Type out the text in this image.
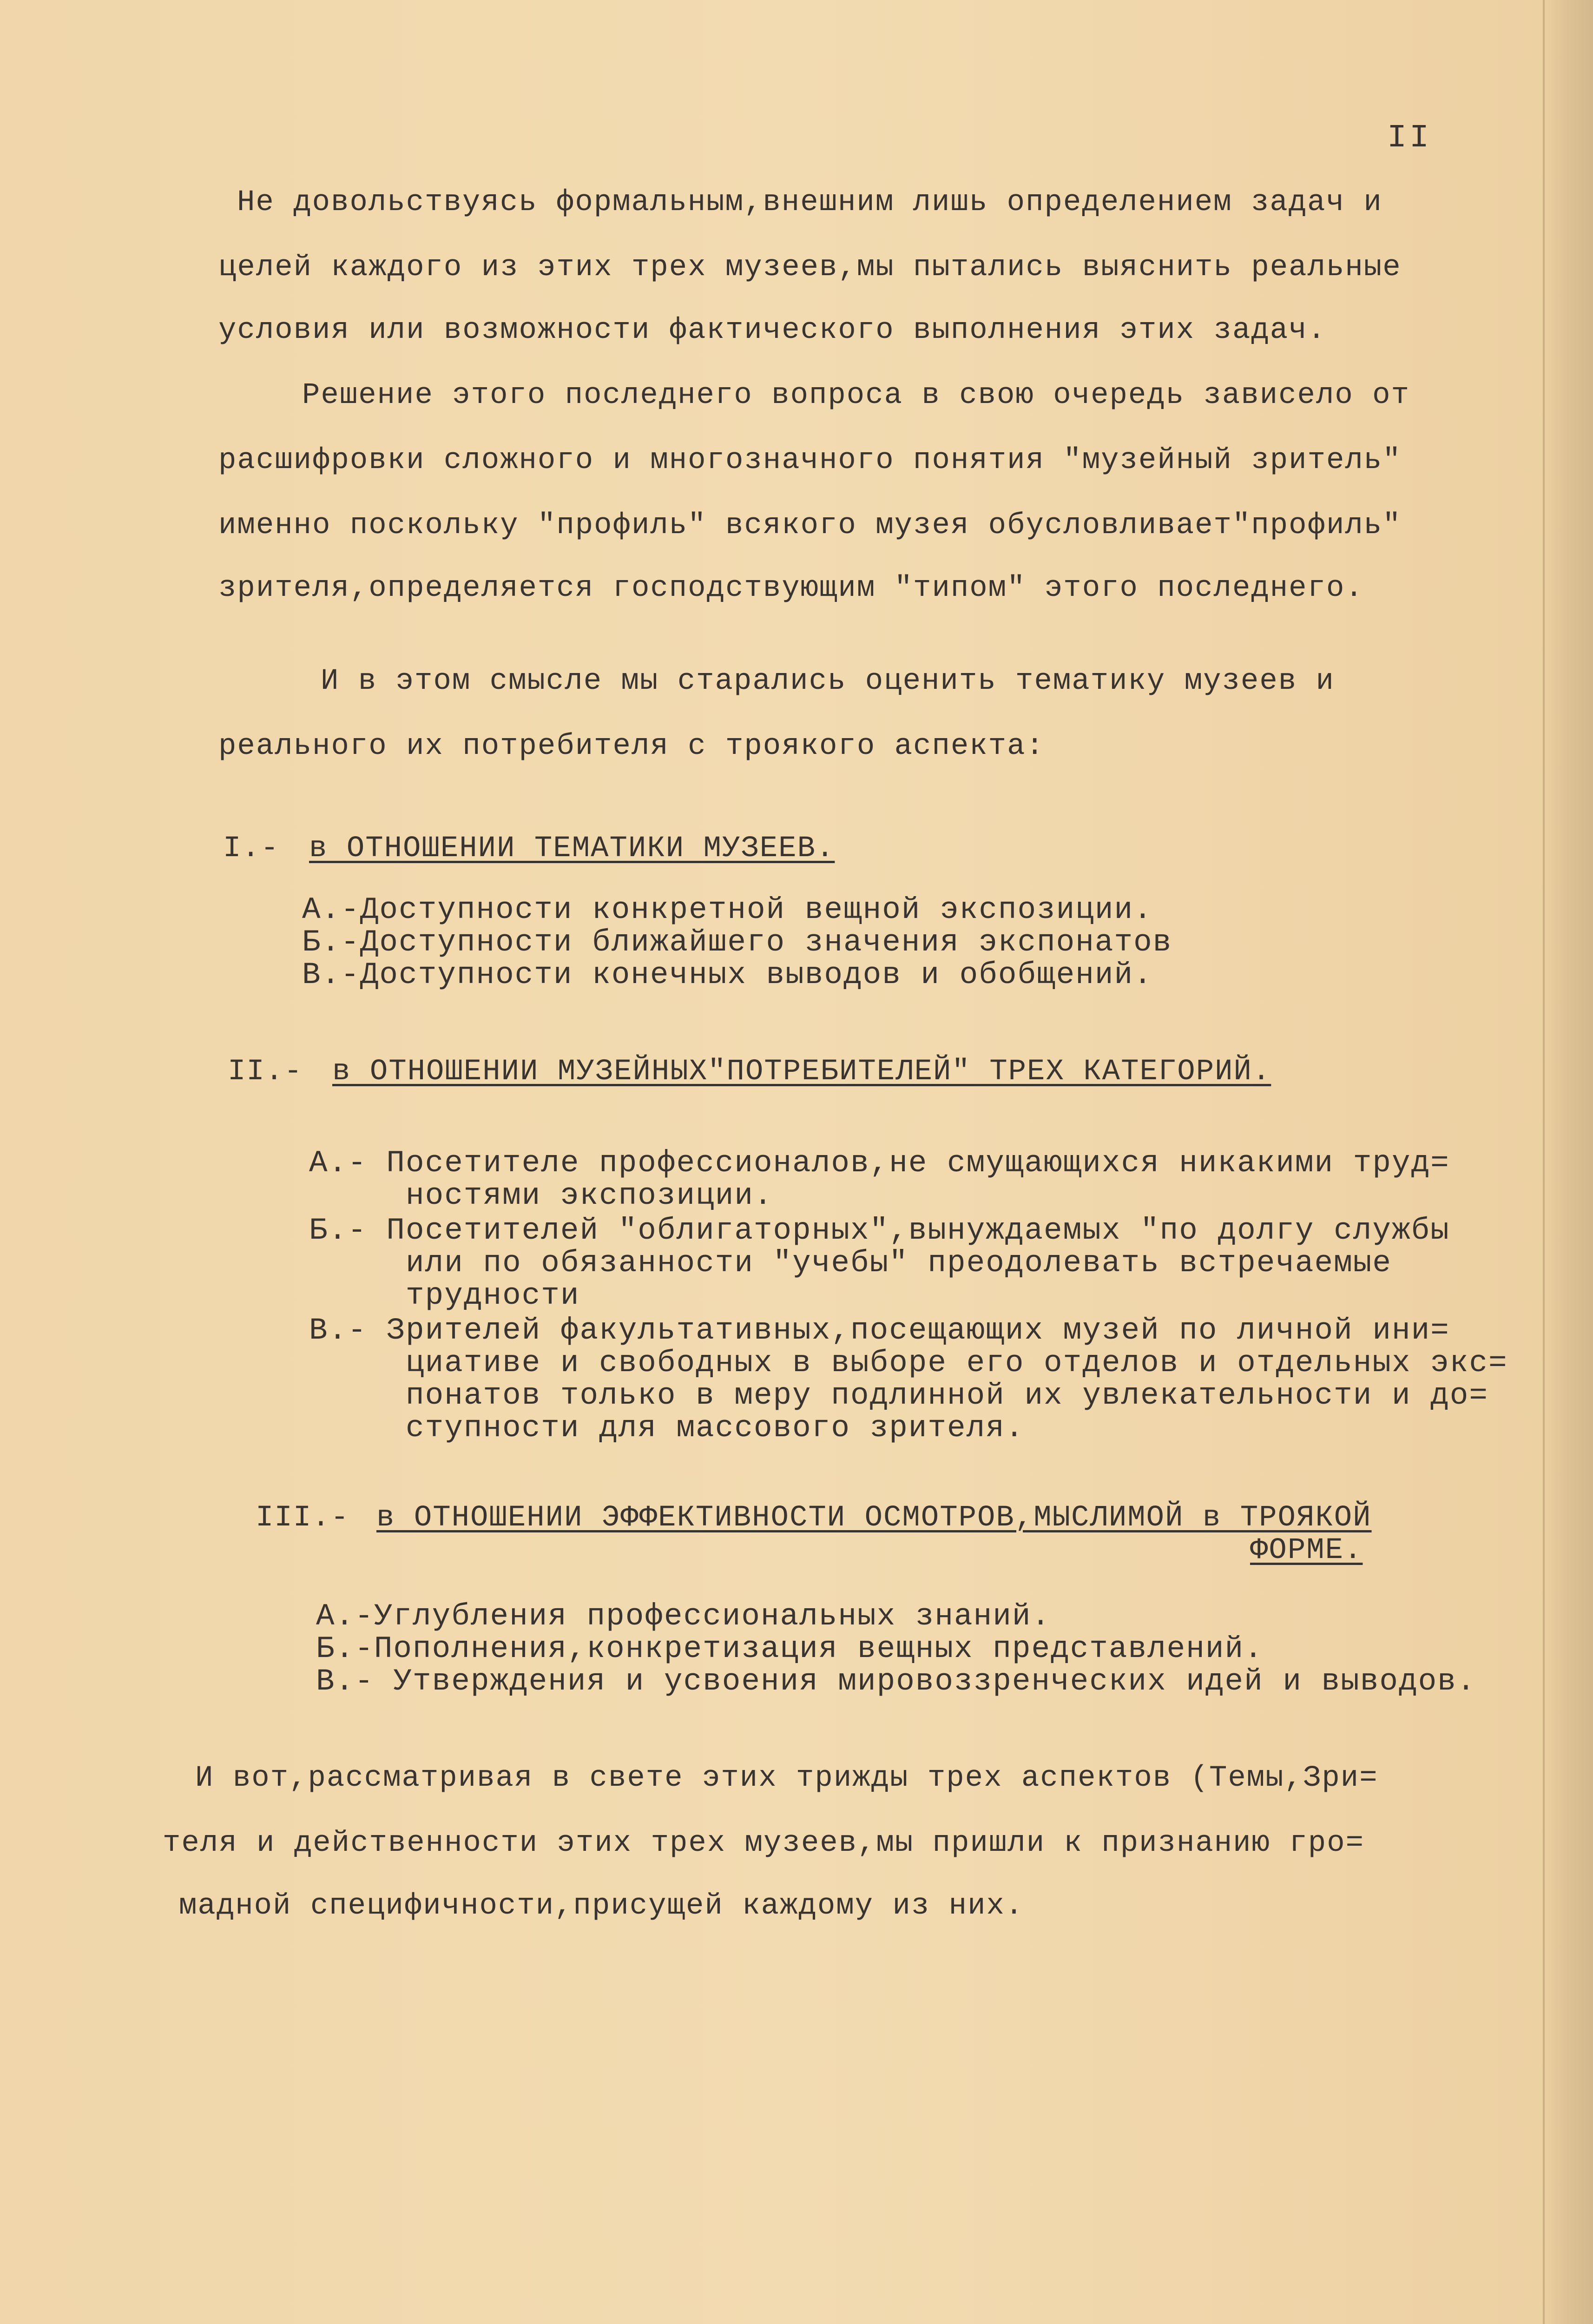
II
Не довольствуясь формальным,внешним лишь определением задач и
целей каждого из этих трех музеев,мы пытались выяснить реальные
условия или возможности фактического выполнения этих задач.
Решение этого последнего вопроса в свою очередь зависело от
расшифровки сложного и многозначного понятия "музейный зритель"
именно поскольку "профиль" всякого музея обусловливает"профиль"
зрителя,определяется господствующим "типом" этого последнего.
И в этом смысле мы старались оценить тематику музеев и
реального их потребителя с троякого аспекта:
I.- в ОТНОШЕНИИ ТЕМАТИКИ МУЗЕЕВ.
А.-Доступности конкретной вещной экспозиции.
Б.-Доступности ближайшего значения экспонатов
В.-Доступности конечных выводов и обобщений.
II.- в ОТНОШЕНИИ МУЗЕЙНЫХ"ПОТРЕБИТЕЛЕЙ" ТРЕХ КАТЕГОРИЙ.
А.- Посетителе профессионалов,не смущающихся никакими труд=
ностями экспозиции.
Б.- Посетителей "облигаторных",вынуждаемых "по долгу службы
или по обязанности "учебы" преодолевать встречаемые
трудности
В.- Зрителей факультативных,посещающих музей по личной ини=
циативе и свободных в выборе его отделов и отдельных экс=
понатов только в меру подлинной их увлекательности и до=
ступности для массового зрителя.
III.- в ОТНОШЕНИИ ЭФФЕКТИВНОСТИ ОСМОТРОВ,МЫСЛИМОЙ в ТРОЯКОЙ
ФОРМЕ.
А.-Углубления профессиональных знаний.
Б.-Пополнения,конкретизация вещных представлений.
В.- Утверждения и усвоения мировоззренческих идей и выводов.
И вот,рассматривая в свете этих трижды трех аспектов (Темы,Зри=
теля и действенности этих трех музеев,мы пришли к признанию гро=
мадной специфичности,присущей каждому из них.
